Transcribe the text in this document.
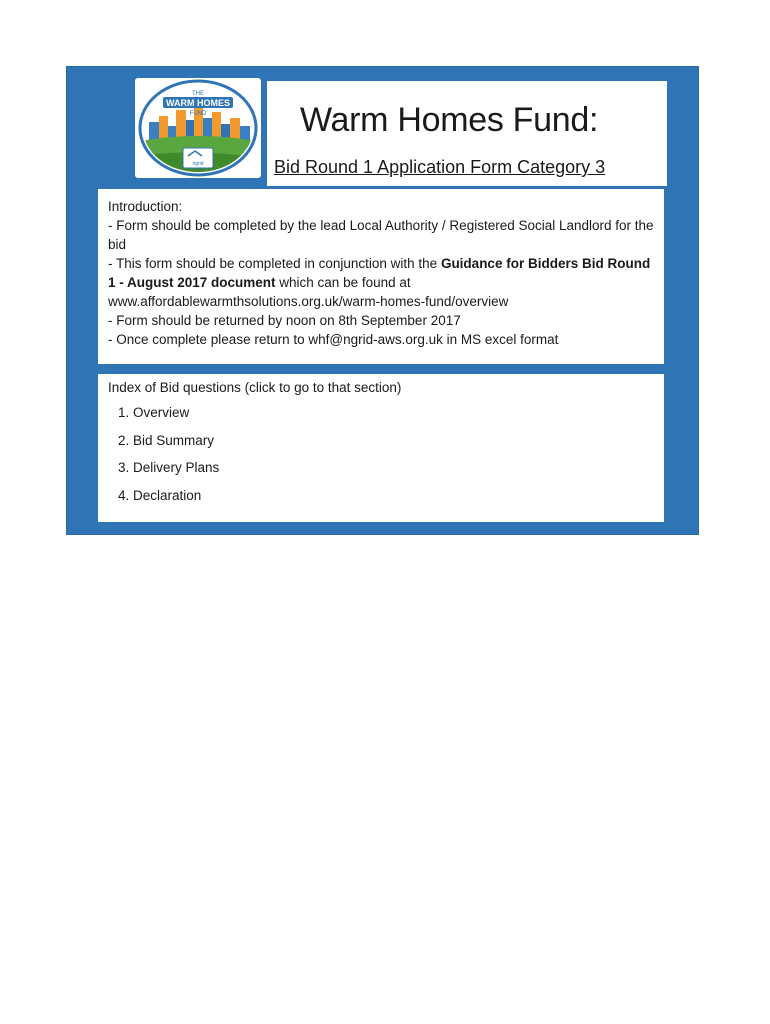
THE
WARM HOMES
FUND
ngrid
Warm Homes Fund:

Bid Round 1 Application Form Category 3

Introduction:

- Form should be completed by the lead Local Authority / Registered Social Landlord for the bid

- This form should be completed in conjunction with the Guidance for Bidders Bid Round 1 - August 2017 document which can be found at www.affordablewarmthsolutions.org.uk/warm-homes-fund/overview

- Form should be returned by noon on 8th September 2017

- Once complete please return to whf@ngrid-aws.org.uk in MS excel format

Index of Bid questions (click to go to that section)

1. Overview
2. Bid Summary
3. Delivery Plans
4. Declaration
